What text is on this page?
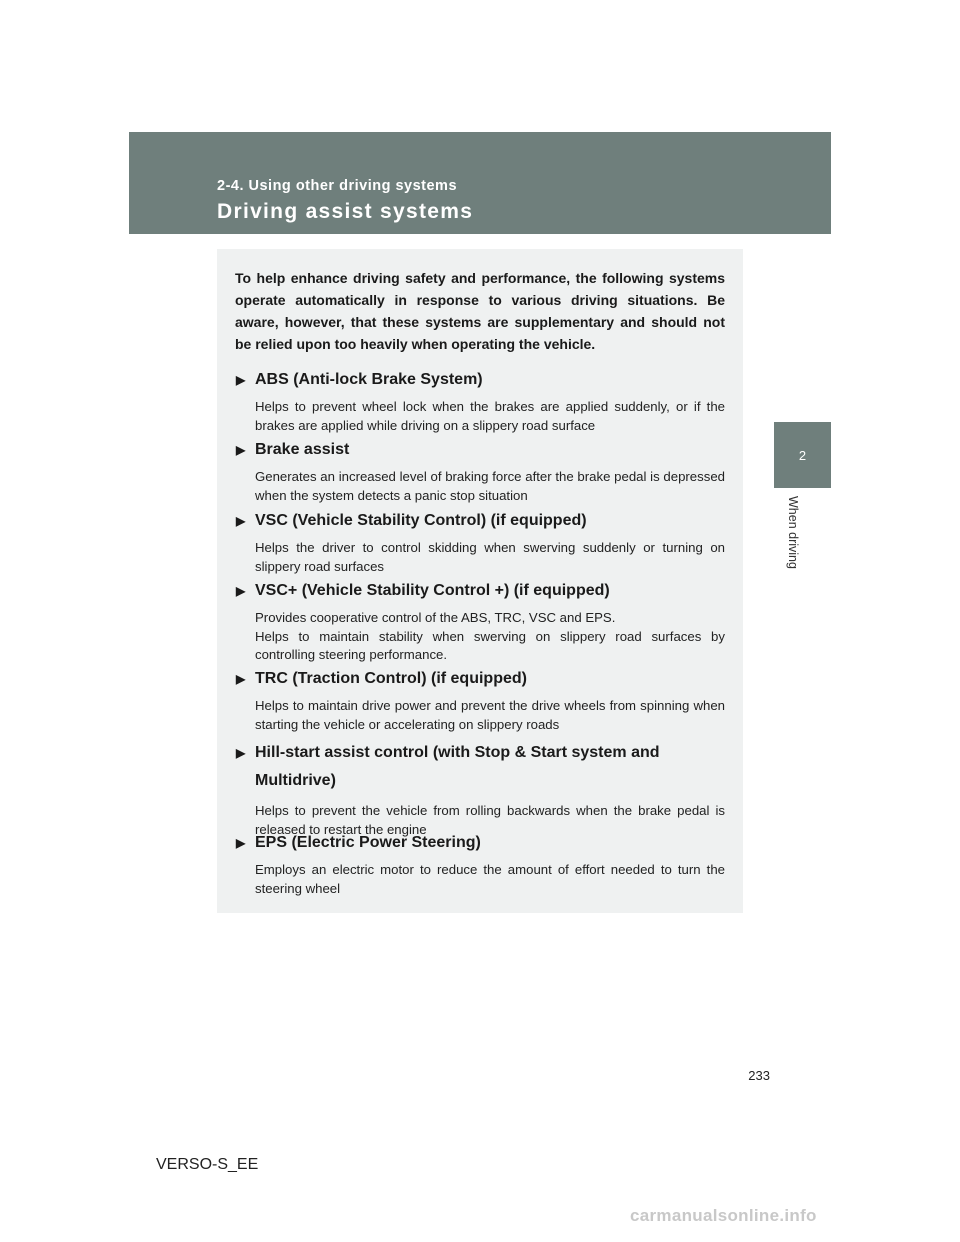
2-4. Using other driving systems
Driving assist systems
2
When driving
To help enhance driving safety and performance, the following systems operate automatically in response to various driving situations. Be aware, however, that these systems are supplementary and should not be relied upon too heavily when operating the vehicle.
▶ ABS (Anti-lock Brake System)
Helps to prevent wheel lock when the brakes are applied suddenly, or if the brakes are applied while driving on a slippery road surface
▶ Brake assist
Generates an increased level of braking force after the brake pedal is depressed when the system detects a panic stop situation
▶ VSC (Vehicle Stability Control) (if equipped)
Helps the driver to control skidding when swerving suddenly or turning on slippery road surfaces
▶ VSC+ (Vehicle Stability Control +) (if equipped)
Provides cooperative control of the ABS, TRC, VSC and EPS.
Helps to maintain stability when swerving on slippery road surfaces by controlling steering performance.
▶ TRC (Traction Control) (if equipped)
Helps to maintain drive power and prevent the drive wheels from spinning when starting the vehicle or accelerating on slippery roads
▶ Hill-start assist control (with Stop & Start system and Multidrive)
Helps to prevent the vehicle from rolling backwards when the brake pedal is released to restart the engine
▶ EPS (Electric Power Steering)
Employs an electric motor to reduce the amount of effort needed to turn the steering wheel
233
VERSO-S_EE
carmanualsonline.info
